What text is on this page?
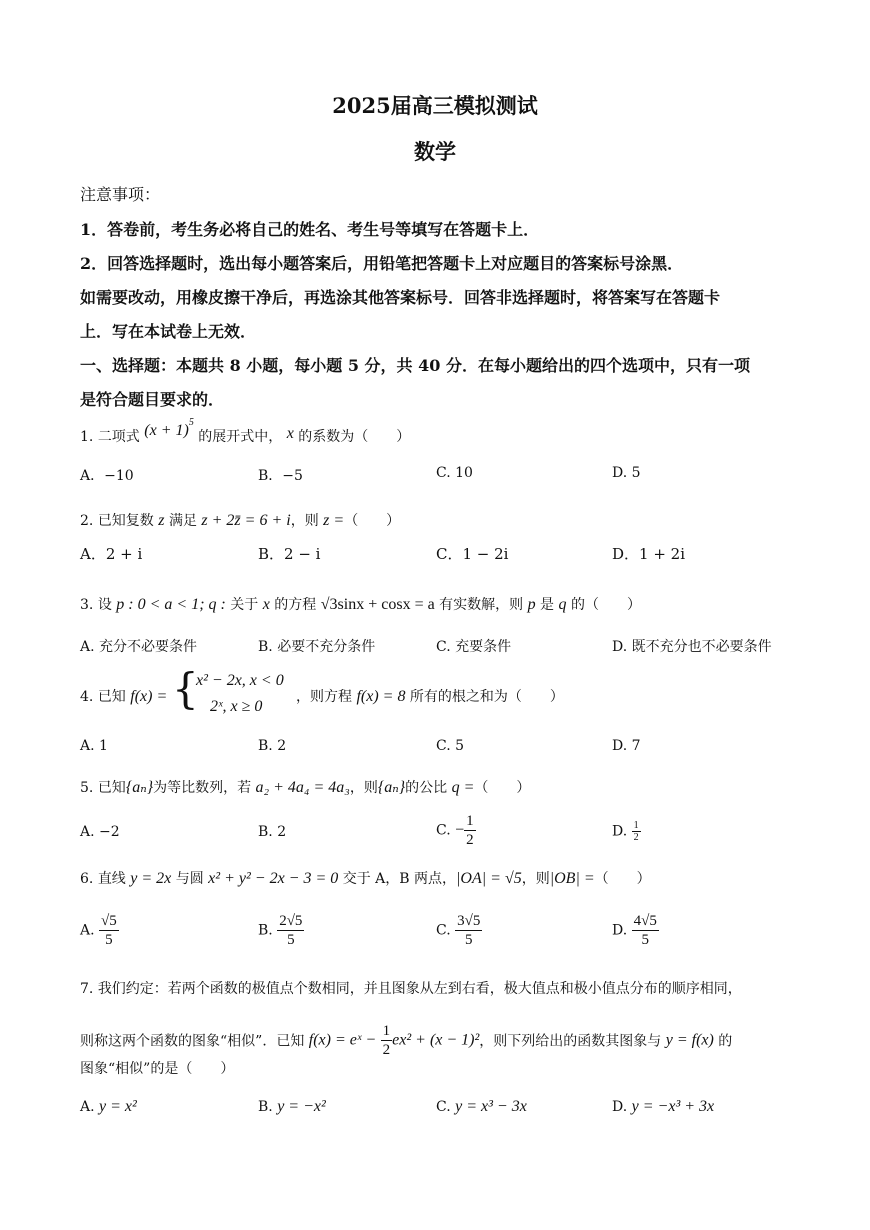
2025届高三模拟测试
数学
注意事项：
1．答卷前，考生务必将自己的姓名、考生号等填写在答题卡上．
2．回答选择题时，选出每小题答案后，用铅笔把答题卡上对应题目的答案标号涂黑．
如需要改动，用橡皮擦干净后，再选涂其他答案标号．回答非选择题时，将答案写在答题卡
上．写在本试卷上无效．
一、选择题：本题共 8 小题，每小题 5 分，共 40 分．在每小题给出的四个选项中，只有一项
是符合题目要求的．
1. 二项式 $(x + 1)^5$ 的展开式中， x 的系数为（　　）
A．−10	B．−5	C. 10	D. 5
2. 已知复数 z 满足 z + 2z̄ = 6 + i，则 z =（　　）
A．2 + i	B．2 − i	C．1 − 2i	D．1 + 2i
3. 设 p : 0 < a < 1; q : 关于 x 的方程 √3sinx + cosx = a 有实数解，则 p 是 q 的（　　）
A. 充分不必要条件	B. 必要不充分条件	C. 充要条件	D. 既不充分也不必要条件
4. 已知 f(x) = {
x² − 2x, x < 0
2ˣ, x ≥ 0
，则方程 f(x) = 8 所有的根之和为（　　）
A. 1	B. 2	C. 5	D. 7
5. 已知{aₙ}为等比数列，若 a₂ + 4a₄ = 4a₃，则{aₙ}的公比 q =（　　）
A. −2	B. 2	C. − $\frac{1}{2}$	D. $\frac{1}{2}$
6. 直线 y = 2x 与圆 x² + y² − 2x − 3 = 0 交于 A，B 两点，|OA| = √5，则|OB| =（　　）
A. $\frac{√5}{5}$	B. $\frac{2√5}{5}$	C. $\frac{3√5}{5}$	D. $\frac{4√5}{5}$
7. 我们约定：若两个函数的极值点个数相同，并且图象从左到右看，极大值点和极小值点分布的顺序相同，
则称这两个函数的图象“相似”．已知 f(x) = eˣ − $\frac{1}{2} ex^2 + (x - 1)^2$，则下列给出的函数其图象与 y = f(x) 的
图象“相似”的是（　　）
A. y = x²	B. y = −x²	C. y = x³ − 3x	D. y = −x³ + 3x
